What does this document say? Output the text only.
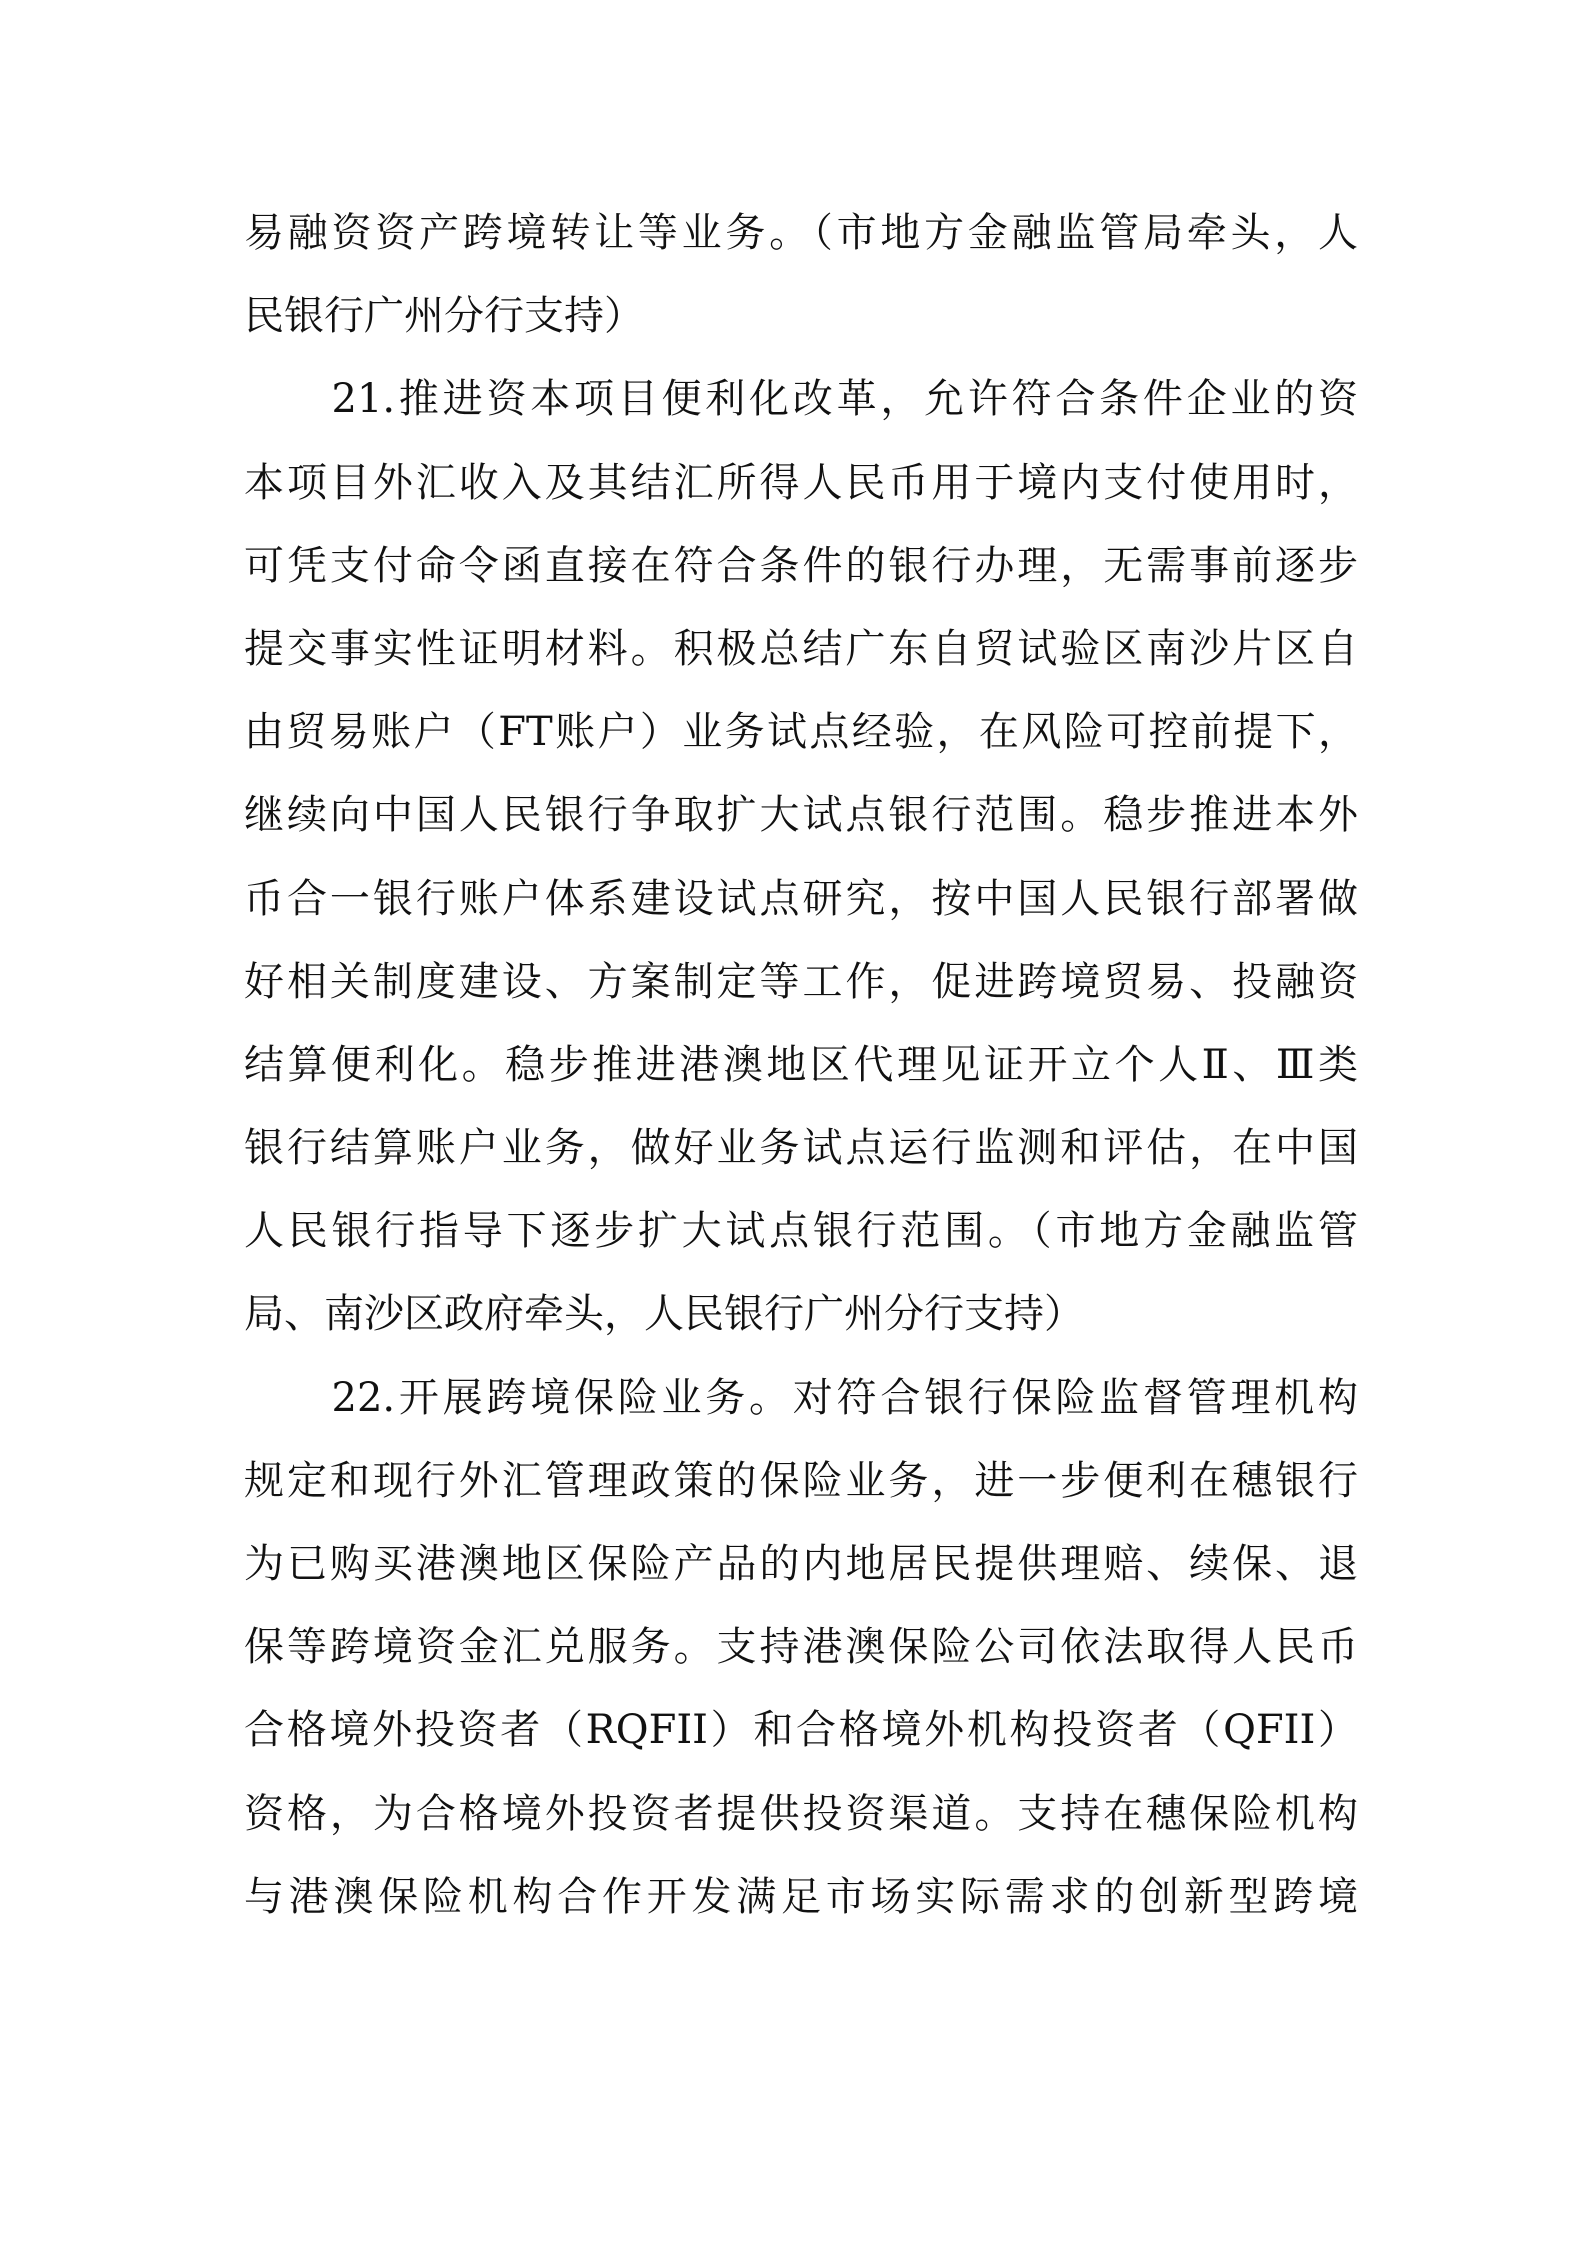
易融资资产跨境转让等业务。（市地方金融监管局牵头，人
民银行广州分行支持）
　　21.推进资本项目便利化改革，允许符合条件企业的资
本项目外汇收入及其结汇所得人民币用于境内支付使用时，
可凭支付命令函直接在符合条件的银行办理，无需事前逐步
提交事实性证明材料。积极总结广东自贸试验区南沙片区自
由贸易账户（FT账户）业务试点经验，在风险可控前提下，
继续向中国人民银行争取扩大试点银行范围。稳步推进本外
币合一银行账户体系建设试点研究，按中国人民银行部署做
好相关制度建设、方案制定等工作，促进跨境贸易、投融资
结算便利化。稳步推进港澳地区代理见证开立个人Ⅱ、Ⅲ类
银行结算账户业务，做好业务试点运行监测和评估，在中国
人民银行指导下逐步扩大试点银行范围。（市地方金融监管
局、南沙区政府牵头，人民银行广州分行支持）
　　22.开展跨境保险业务。对符合银行保险监督管理机构
规定和现行外汇管理政策的保险业务，进一步便利在穗银行
为已购买港澳地区保险产品的内地居民提供理赔、续保、退
保等跨境资金汇兑服务。支持港澳保险公司依法取得人民币
合格境外投资者（RQFII）和合格境外机构投资者（QFII）
资格，为合格境外投资者提供投资渠道。支持在穗保险机构
与港澳保险机构合作开发满足市场实际需求的创新型跨境
